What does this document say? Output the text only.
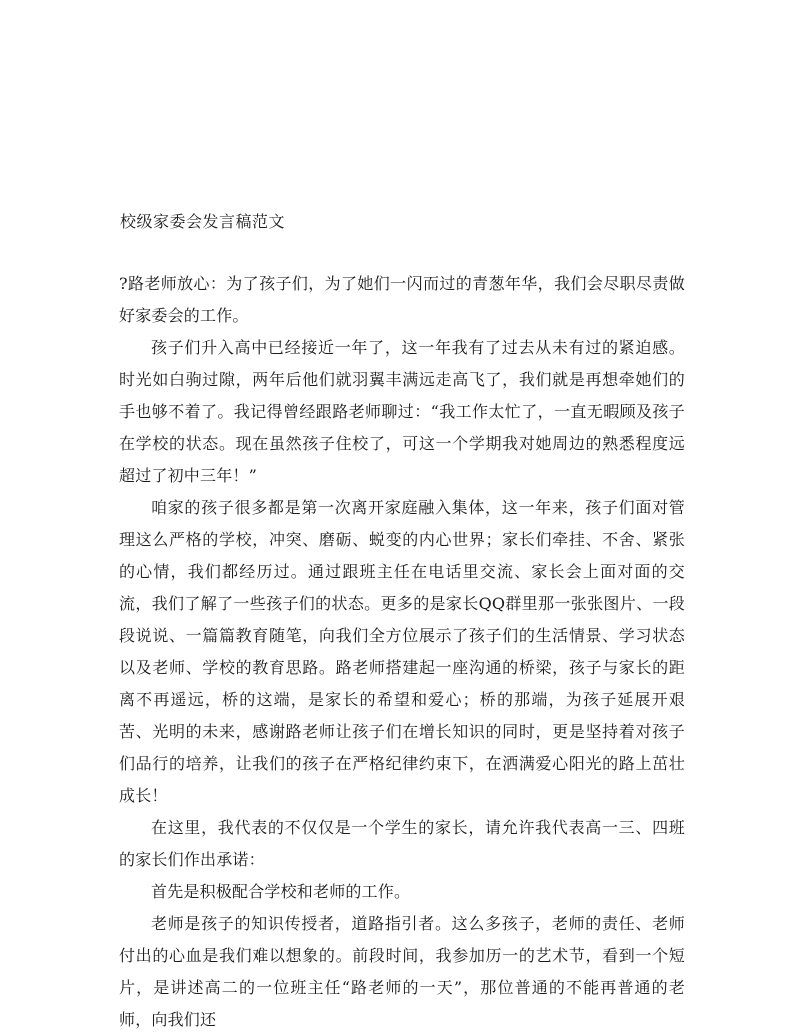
校级家委会发言稿范文

?路老师放心：为了孩子们，为了她们一闪而过的青葱年华，我们会尽职尽责做好家委会的工作。

孩子们升入高中已经接近一年了，这一年我有了过去从未有过的紧迫感。时光如白驹过隙，两年后他们就羽翼丰满远走高飞了，我们就是再想牵她们的手也够不着了。我记得曾经跟路老师聊过：“我工作太忙了，一直无暇顾及孩子在学校的状态。现在虽然孩子住校了，可这一个学期我对她周边的熟悉程度远超过了初中三年！”

咱家的孩子很多都是第一次离开家庭融入集体，这一年来，孩子们面对管理这么严格的学校，冲突、磨砺、蜕变的内心世界；家长们牵挂、不舍、紧张的心情，我们都经历过。通过跟班主任在电话里交流、家长会上面对面的交流，我们了解了一些孩子们的状态。更多的是家长QQ群里那一张张图片、一段段说说、一篇篇教育随笔，向我们全方位展示了孩子们的生活情景、学习状态以及老师、学校的教育思路。路老师搭建起一座沟通的桥梁，孩子与家长的距离不再遥远，桥的这端，是家长的希望和爱心；桥的那端，为孩子延展开艰苦、光明的未来，感谢路老师让孩子们在增长知识的同时，更是坚持着对孩子们品行的培养，让我们的孩子在严格纪律约束下，在洒满爱心阳光的路上茁壮成长！

在这里，我代表的不仅仅是一个学生的家长，请允许我代表高一三、四班的家长们作出承诺：

首先是积极配合学校和老师的工作。

老师是孩子的知识传授者，道路指引者。这么多孩子，老师的责任、老师付出的心血是我们难以想象的。前段时间，我参加历一的艺术节，看到一个短片，是讲述高二的一位班主任“路老师的一天”，那位普通的不能再普通的老师，向我们还
